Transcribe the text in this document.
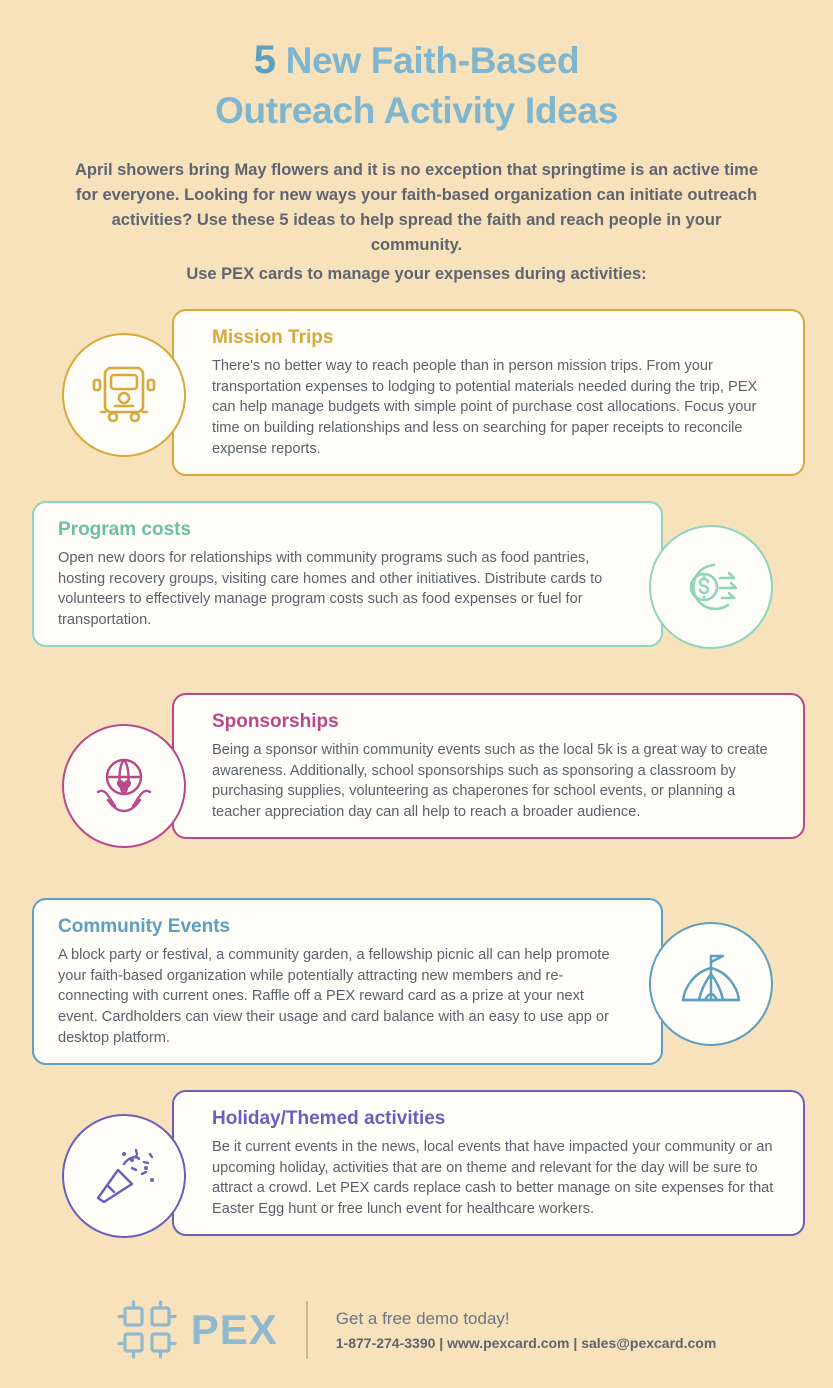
5 New Faith-Based
Outreach Activity Ideas
April showers bring May flowers and it is no exception that springtime is an active time for everyone. Looking for new ways your faith-based organization can initiate outreach activities? Use these 5 ideas to help spread the faith and reach people in your community.
Use PEX cards to manage your expenses during activities:
Mission Trips
There's no better way to reach people than in person mission trips. From your transportation expenses to lodging to potential materials needed during the trip, PEX can help manage budgets with simple point of purchase cost allocations. Focus your time on building relationships and less on searching for paper receipts to reconcile expense reports.
Program costs
Open new doors for relationships with community programs such as food pantries, hosting recovery groups, visiting care homes and other initiatives. Distribute cards to volunteers to effectively manage program costs such as food expenses or fuel for transportation.
Sponsorships
Being a sponsor within community events such as the local 5k is a great way to create awareness. Additionally, school sponsorships such as sponsoring a classroom by purchasing supplies, volunteering as chaperones for school events, or planning a teacher appreciation day can all help to reach a broader audience.
Community Events
A block party or festival, a community garden, a fellowship picnic all can help promote your faith-based organization while potentially attracting new members and re-connecting with current ones. Raffle off a PEX reward card as a prize at your next event. Cardholders can view their usage and card balance with an easy to use app or desktop platform.
Holiday/Themed activities
Be it current events in the news, local events that have impacted your community or an upcoming holiday, activities that are on theme and relevant for the day will be sure to attract a crowd. Let PEX cards replace cash to better manage on site expenses for that Easter Egg hunt or free lunch event for healthcare workers.
PEX	Get a free demo today!
1-877-274-3390 | www.pexcard.com | sales@pexcard.com
